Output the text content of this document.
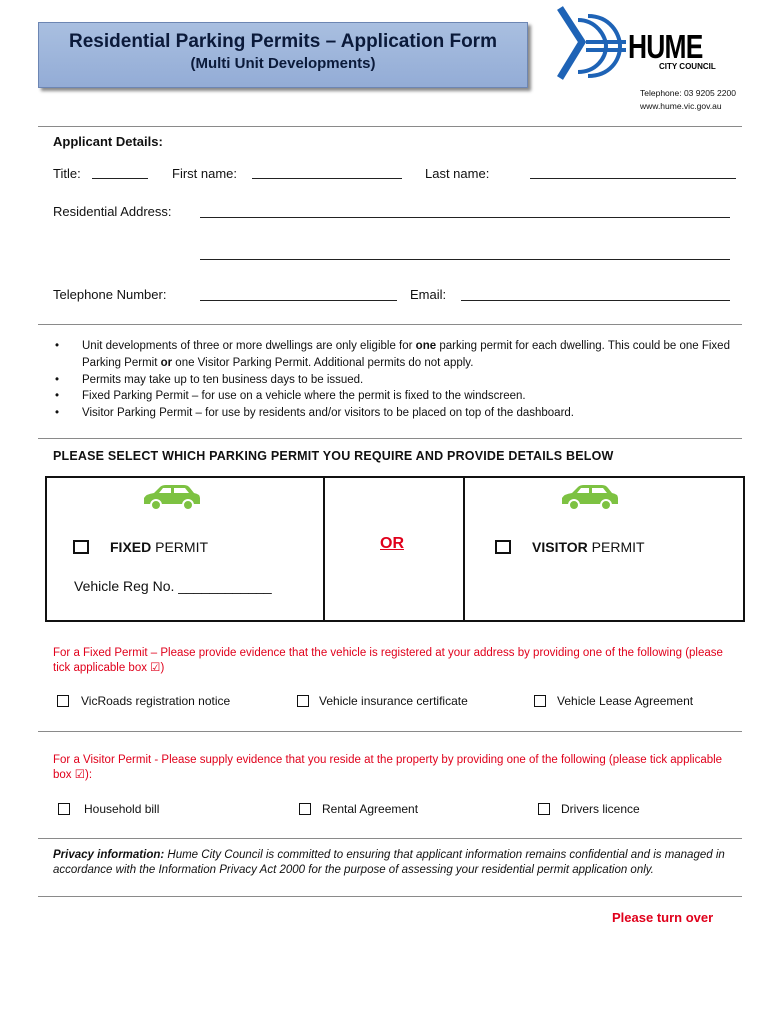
Residential Parking Permits – Application Form
(Multi Unit Developments)	HUME
CITY COUNCIL
Telephone: 03 9205 2200
www.hume.vic.gov.au
Applicant Details:
Title:	First name:	Last name:
Residential Address:
Telephone Number:	Email:
• Unit developments of three or more dwellings are only eligible for one parking permit for each dwelling. This could be one Fixed Parking Permit or one Visitor Parking Permit. Additional permits do not apply.
• Permits may take up to ten business days to be issued.
• Fixed Parking Permit – for use on a vehicle where the permit is fixed to the windscreen.
• Visitor Parking Permit – for use by residents and/or visitors to be placed on top of the dashboard.
PLEASE SELECT WHICH PARKING PERMIT YOU REQUIRE AND PROVIDE DETAILS BELOW
FIXED PERMIT	OR	VISITOR PERMIT
Vehicle Reg No. ____________
For a Fixed Permit – Please provide evidence that the vehicle is registered at your address by providing one of the following (please tick applicable box ☑)
VicRoads registration notice	Vehicle insurance certificate	Vehicle Lease Agreement
For a Visitor Permit - Please supply evidence that you reside at the property by providing one of the following (please tick applicable box ☑):
Household bill	Rental Agreement	Drivers licence
Privacy information: Hume City Council is committed to ensuring that applicant information remains confidential and is managed in accordance with the Information Privacy Act 2000 for the purpose of assessing your residential permit application only.
Please turn over
